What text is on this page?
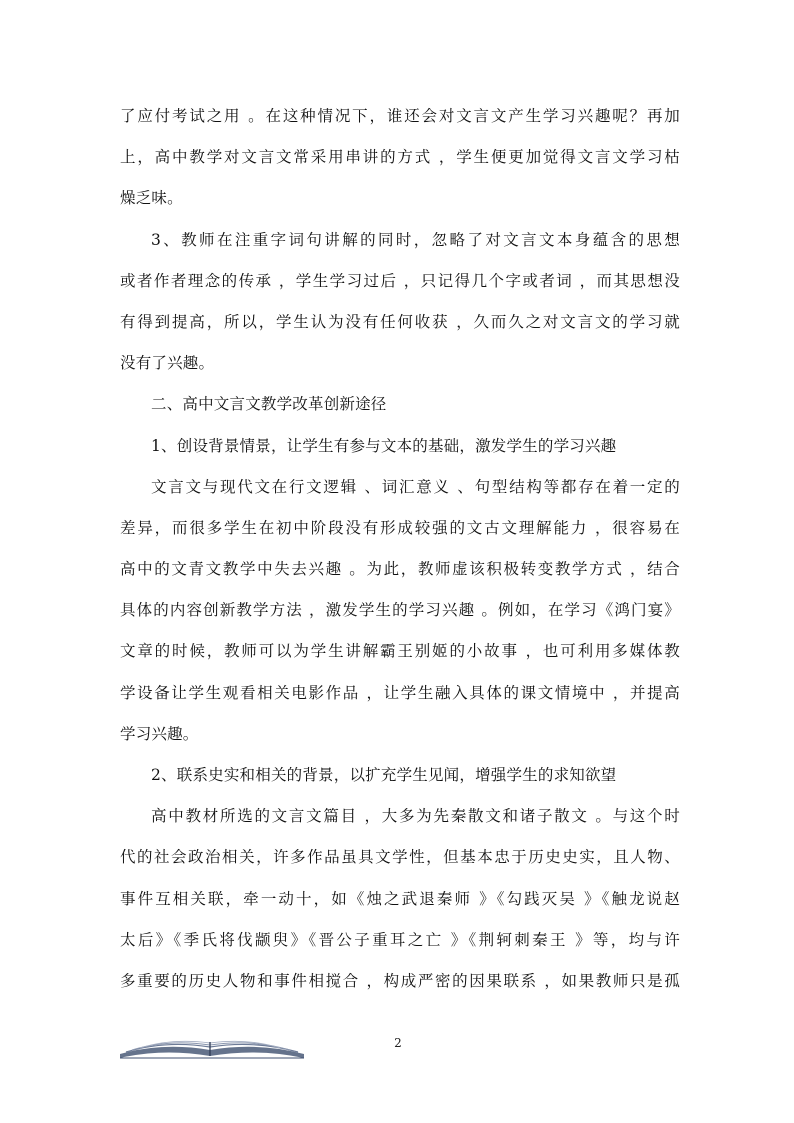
了应付考试之用 。在这种情况下，谁还会对文言文产生学习兴趣呢？再加
上，高中教学对文言文常采用串讲的方式 ，学生便更加觉得文言文学习枯
燥乏味。
3、教师在注重字词句讲解的同时，忽略了对文言文本身蕴含的思想
或者作者理念的传承 ，学生学习过后 ，只记得几个字或者词 ，而其思想没
有得到提高，所以，学生认为没有任何收获 ，久而久之对文言文的学习就
没有了兴趣。
二、高中文言文教学改革创新途径
1、创设背景情景，让学生有参与文本的基础，激发学生的学习兴趣
文言文与现代文在行文逻辑 、词汇意义 、句型结构等都存在着一定的
差异，而很多学生在初中阶段没有形成较强的文古文理解能力 ，很容易在
高中的文青文教学中失去兴趣 。为此，教师虚该积极转变教学方式 ，结合
具体的内容创新教学方法 ，激发学生的学习兴趣 。例如，在学习《鸿门宴》
文章的时候，教师可以为学生讲解霸王别姬的小故事 ，也可利用多媒体教
学设备让学生观看相关电影作品 ，让学生融入具体的课文情境中 ，并提高
学习兴趣。
2、联系史实和相关的背景，以扩充学生见闻，增强学生的求知欲望
高中教材所选的文言文篇目 ，大多为先秦散文和诸子散文 。与这个时
代的社会政治相关，许多作品虽具文学性，但基本忠于历史史实，且人物、
事件互相关联，牵一动十，如《烛之武退秦师 》《勾践灭吴 》《触龙说赵
太后》《季氏将伐颛臾》《晋公子重耳之亡 》《荆轲刺秦王 》等，均与许
多重要的历史人物和事件相搅合 ，构成严密的因果联系 ，如果教师只是孤
2
